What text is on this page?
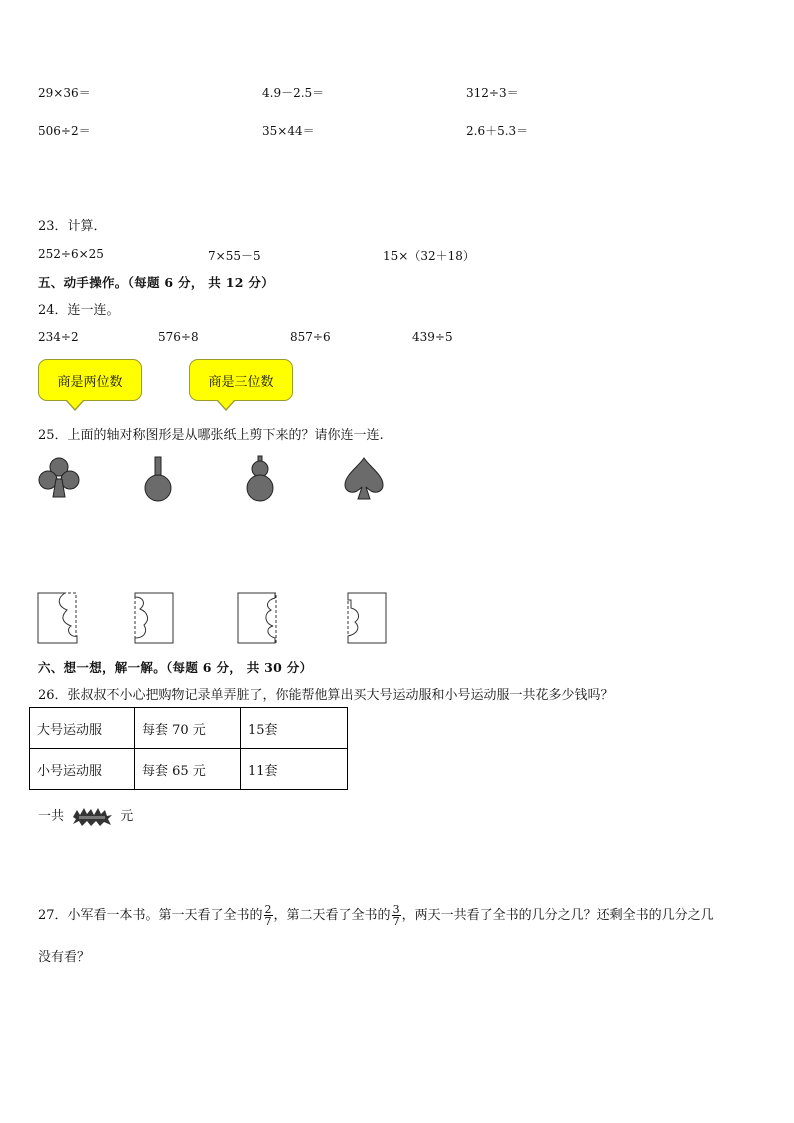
29×36＝	4.9－2.5＝	312÷3＝
506÷2＝	35×44＝	2.6＋5.3＝
23．计算．
252÷6×25	7×55－5	15×（32＋18）
五、动手操作。（每题 6 分， 共 12 分）
24．连一连。
234÷2	576÷8	857÷6	439÷5
商是两位数	商是三位数
25．上面的轴对称图形是从哪张纸上剪下来的？请你连一连.
六、想一想，解一解。（每题 6 分， 共 30 分）
26．张叔叔不小心把购物记录单弄脏了，你能帮他算出买大号运动服和小号运动服一共花多少钱吗？
大号运动服	每套 70 元	15套
小号运动服	每套 65 元	11套
一共	元
27．小军看一本书。第一天看了全书的 $\frac{2}{7}$ ，第二天看了全书的 $\frac{3}{7}$ ，两天一共看了全书的几分之几？还剩全书的几分之几
没有看？
